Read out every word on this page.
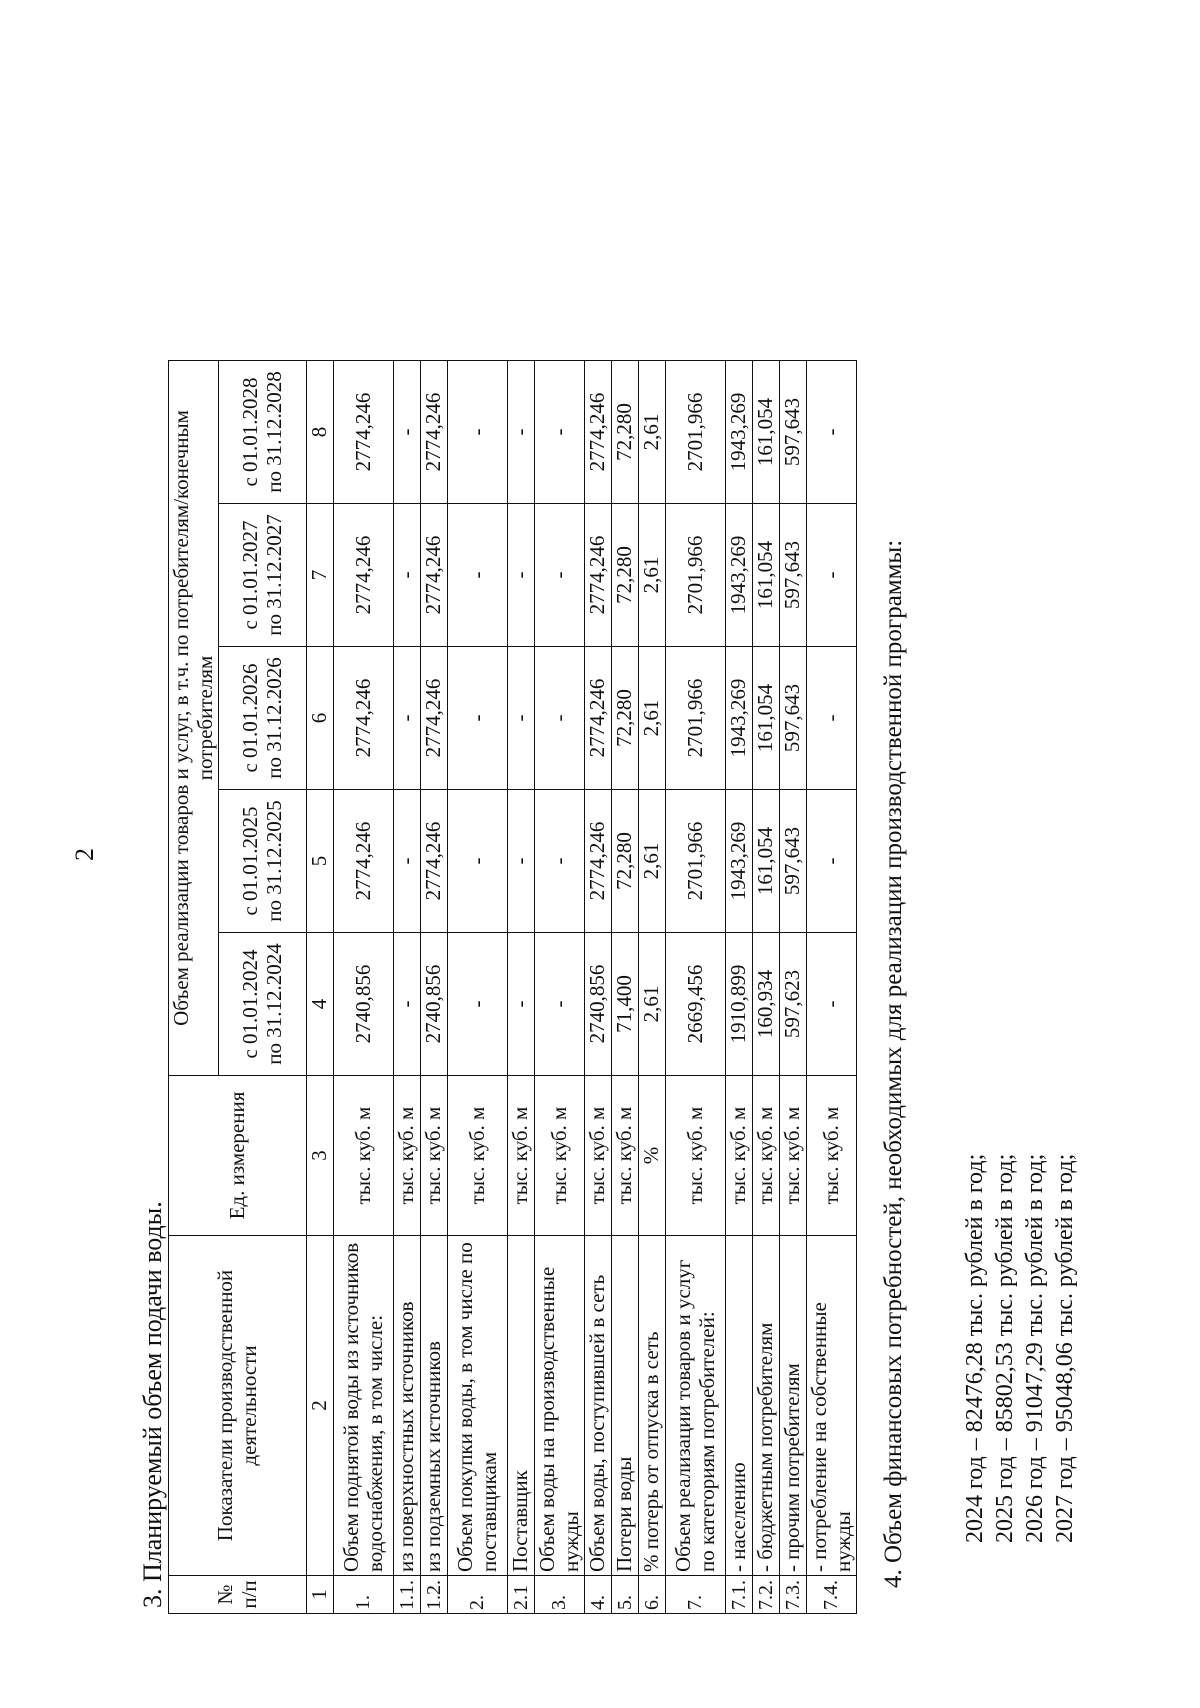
2
3. Планируемый объем подачи воды. № п/п	Показатели производственной деятельности	Ед. измерения	Объем реализации товаров и услуг, в т.ч. по потребителям/конечным потребителям				
			с 01.01.2024 по 31.12.2024	с 01.01.2025 по 31.12.2025	с 01.01.2026 по 31.12.2026	с 01.01.2027 по 31.12.2027	с 01.01.2028 по 31.12.2028
1	2	3	4	5	6	7	8
1.	Объем поднятой воды из источников водоснабжения, в том числе:	тыс. куб. м	2740,856	2774,246	2774,246	2774,246	2774,246
1.1.	из поверхностных источников	тыс. куб. м	-	-	-	-	-
1.2.	из подземных источников	тыс. куб. м	2740,856	2774,246	2774,246	2774,246	2774,246
2.	Объем покупки воды, в том числе по поставщикам	тыс. куб. м	-	-	-	-	-
2.1	Поставщик	тыс. куб. м	-	-	-	-	-
3.	Объем воды на производственные нужды	тыс. куб. м	-	-	-	-	-
4.	Объем воды, поступившей в сеть	тыс. куб. м	2740,856	2774,246	2774,246	2774,246	2774,246
5.	Потери воды	тыс. куб. м	71,400	72,280	72,280	72,280	72,280
6.	% потерь от отпуска в сеть	%	2,61	2,61	2,61	2,61	2,61
7.	Объем реализации товаров и услуг по категориям потребителей:	тыс. куб. м	2669,456	2701,966	2701,966	2701,966	2701,966
7.1.	- населению	тыс. куб. м	1910,899	1943,269	1943,269	1943,269	1943,269
7.2.	- бюджетным потребителям	тыс. куб. м	160,934	161,054	161,054	161,054	161,054
7.3.	- прочим потребителям	тыс. куб. м	597,623	597,643	597,643	597,643	597,643
7.4.	- потребление на собственные нужды	тыс. куб. м	-	-	-	-	-
4. Объем финансовых потребностей, необходимых для реализации производственной программы: 2024 год – 82476,28 тыс. рублей в год; 2025 год – 85802,53 тыс. рублей в год; 2026 год – 91047,29 тыс. рублей в год; 2027 год – 95048,06 тыс. рублей в год;
